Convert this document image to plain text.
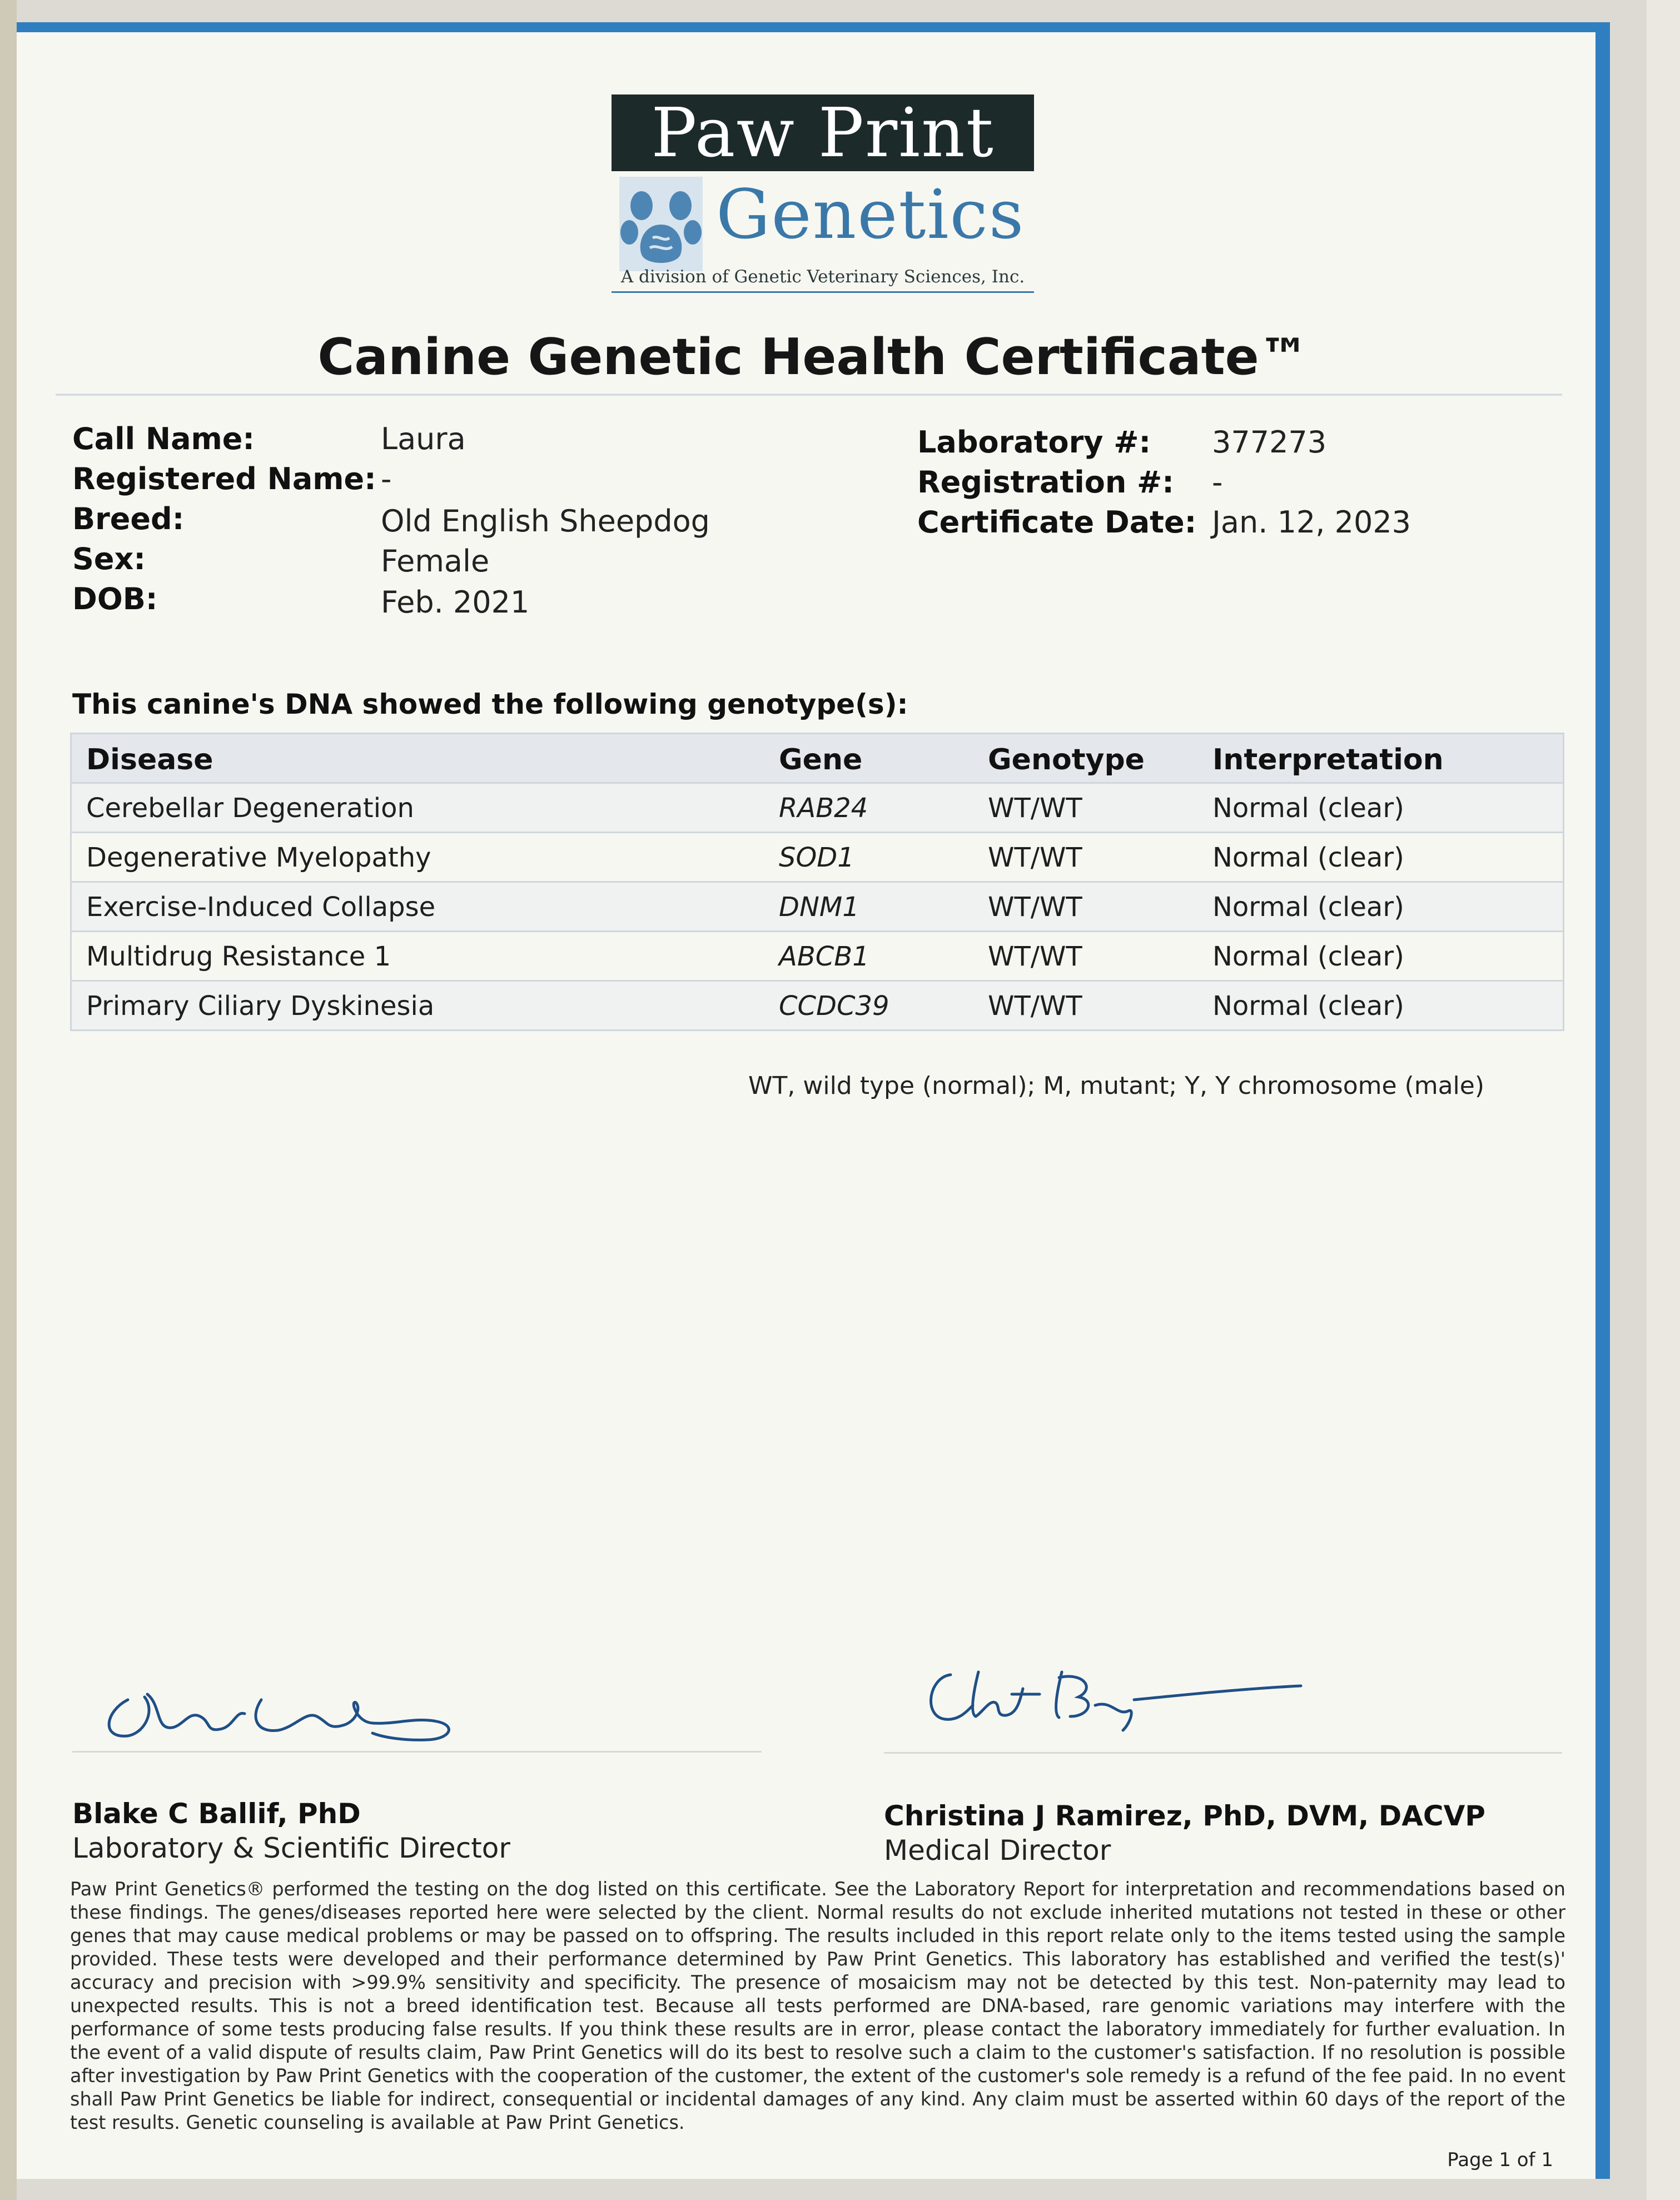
Paw Print
Genetics
A division of Genetic Veterinary Sciences, Inc.
Canine Genetic Health Certificate™
Call Name:	Laura
Registered Name: -
Breed:	Old English Sheepdog
Sex:	Female
DOB:	Feb. 2021
Laboratory #: 377273
Registration #: -
Certificate Date: Jan. 12, 2023
This canine's DNA showed the following genotype(s):
Disease	Gene	Genotype Interpretation
Cerebellar Degeneration	RAB24	WT/WT	Normal (clear)
Degenerative Myelopathy	SOD1	WT/WT	Normal (clear)
Exercise-Induced Collapse	DNM1	WT/WT	Normal (clear)
Multidrug Resistance 1	ABCB1	WT/WT	Normal (clear)
Primary Ciliary Dyskinesia	CCDC39	WT/WT	Normal (clear)
WT, wild type (normal); M, mutant; Y, Y chromosome (male)
Blake C Ballif, PhD
Laboratory & Scientific Director
Christina J Ramirez, PhD, DVM, DACVP
Medical Director
Paw Print Genetics® performed the testing on the dog listed on this certificate. See the Laboratory Report for interpretation and recommendations based on these findings. The genes/diseases reported here were selected by the client. Normal results do not exclude inherited mutations not tested in these or other genes that may cause medical problems or may be passed on to offspring. The results included in this report relate only to the items tested using the sample provided. These tests were developed and their performance determined by Paw Print Genetics. This laboratory has established and verified the test(s)' accuracy and precision with >99.9% sensitivity and specificity. The presence of mosaicism may not be detected by this test. Non-paternity may lead to unexpected results. This is not a breed identification test. Because all tests performed are DNA-based, rare genomic variations may interfere with the performance of some tests producing false results. If you think these results are in error, please contact the laboratory immediately for further evaluation. In the event of a valid dispute of results claim, Paw Print Genetics will do its best to resolve such a claim to the customer's satisfaction. If no resolution is possible after investigation by Paw Print Genetics with the cooperation of the customer, the extent of the customer's sole remedy is a refund of the fee paid. In no event shall Paw Print Genetics be liable for indirect, consequential or incidental damages of any kind. Any claim must be asserted within 60 days of the report of the test results. Genetic counseling is available at Paw Print Genetics.
Page 1 of 1
